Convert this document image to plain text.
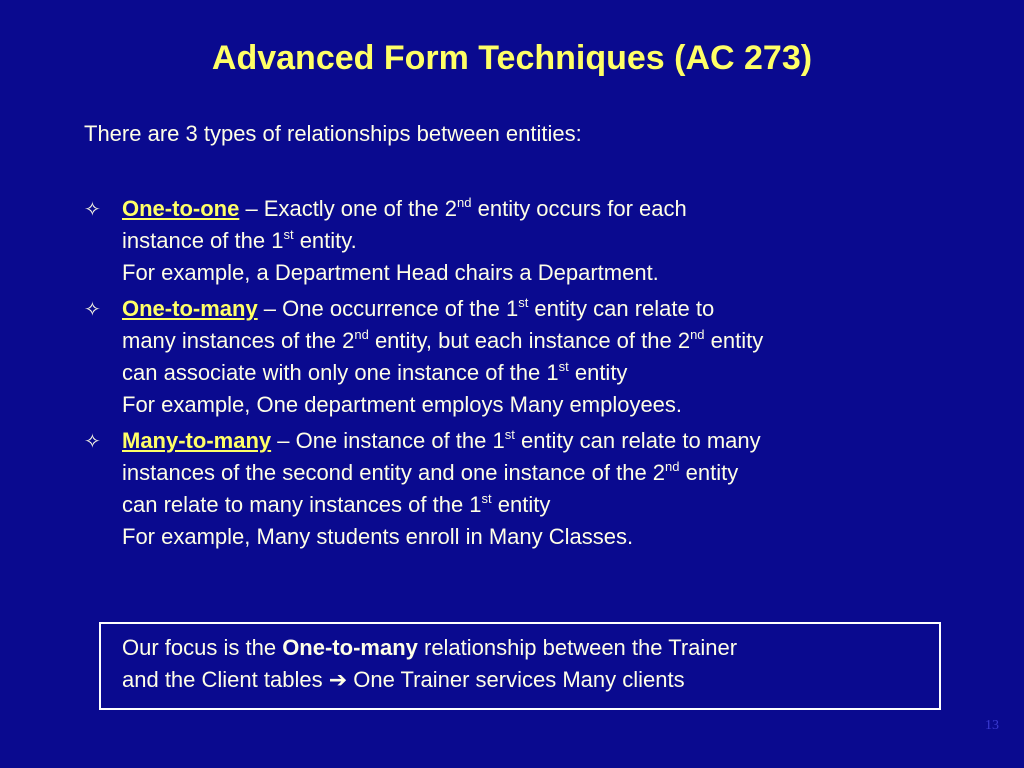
Advanced Form Techniques (AC 273)
There are 3 types of relationships between entities:
✧ One-to-one – Exactly one of the 2nd entity occurs for each
instance of the 1st entity.
For example, a Department Head chairs a Department.
✧ One-to-many – One occurrence of the 1st entity can relate to
many instances of the 2nd entity, but each instance of the 2nd entity
can associate with only one instance of the 1st entity
For example, One department employs Many employees.
✧ Many-to-many – One instance of the 1st entity can relate to many
instances of the second entity and one instance of the 2nd entity
can relate to many instances of the 1st entity
For example, Many students enroll in Many Classes.
Our focus is the One-to-many relationship between the Trainer
and the Client tables ➔ One Trainer services Many clients
13
